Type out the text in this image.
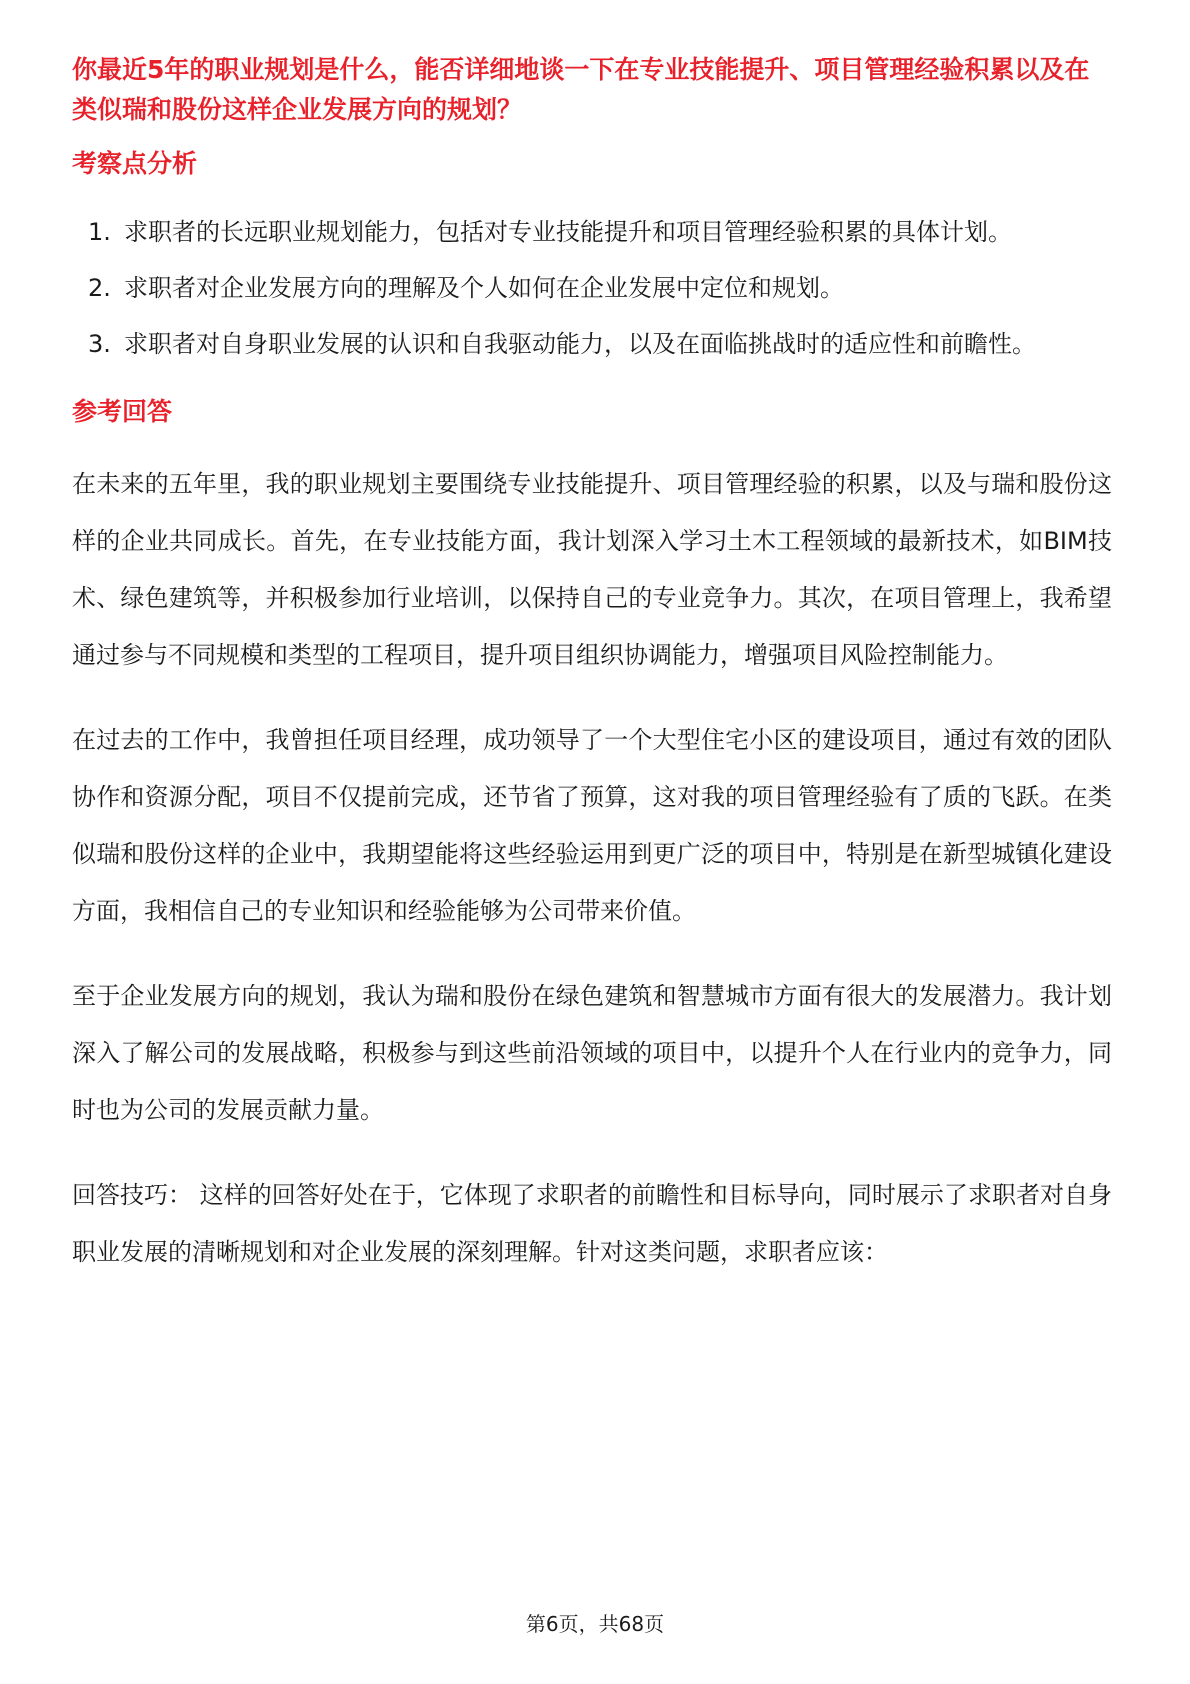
你最近5年的职业规划是什么，能否详细地谈一下在专业技能提升、项目管理经验积累以及在类似瑞和股份这样企业发展方向的规划？

考察点分析

1. 求职者的长远职业规划能力，包括对专业技能提升和项目管理经验积累的具体计划。
2. 求职者对企业发展方向的理解及个人如何在企业发展中定位和规划。
3. 求职者对自身职业发展的认识和自我驱动能力，以及在面临挑战时的适应性和前瞻性。

参考回答

在未来的五年里，我的职业规划主要围绕专业技能提升、项目管理经验的积累，以及与瑞和股份这样的企业共同成长。首先，在专业技能方面，我计划深入学习土木工程领域的最新技术，如BIM技术、绿色建筑等，并积极参加行业培训，以保持自己的专业竞争力。其次，在项目管理上，我希望通过参与不同规模和类型的工程项目，提升项目组织协调能力，增强项目风险控制能力。

在过去的工作中，我曾担任项目经理，成功领导了一个大型住宅小区的建设项目，通过有效的团队协作和资源分配，项目不仅提前完成，还节省了预算，这对我的项目管理经验有了质的飞跃。在类似瑞和股份这样的企业中，我期望能将这些经验运用到更广泛的项目中，特别是在新型城镇化建设方面，我相信自己的专业知识和经验能够为公司带来价值。

至于企业发展方向的规划，我认为瑞和股份在绿色建筑和智慧城市方面有很大的发展潜力。我计划深入了解公司的发展战略，积极参与到这些前沿领域的项目中，以提升个人在行业内的竞争力，同时也为公司的发展贡献力量。

回答技巧： 这样的回答好处在于，它体现了求职者的前瞻性和目标导向，同时展示了求职者对自身职业发展的清晰规划和对企业发展的深刻理解。针对这类问题，求职者应该：

第6页，共68页
